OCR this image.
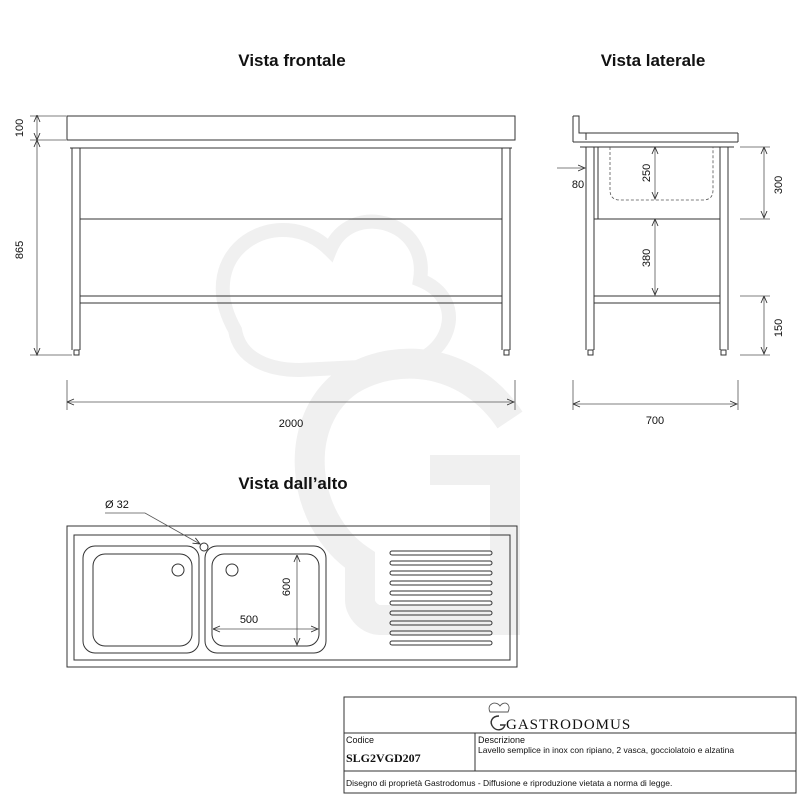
Vista frontale
100
865
2000
Vista laterale
80
250
380
300
150
700
Vista dall’alto
Ø 32
600
500
GASTRODOMUS
Codice
SLG2VGD207
Descrizione
Lavello semplice in inox con ripiano, 2 vasca, gocciolatoio e alzatina
Disegno di proprietà Gastrodomus - Diffusione e riproduzione vietata a norma di legge.
